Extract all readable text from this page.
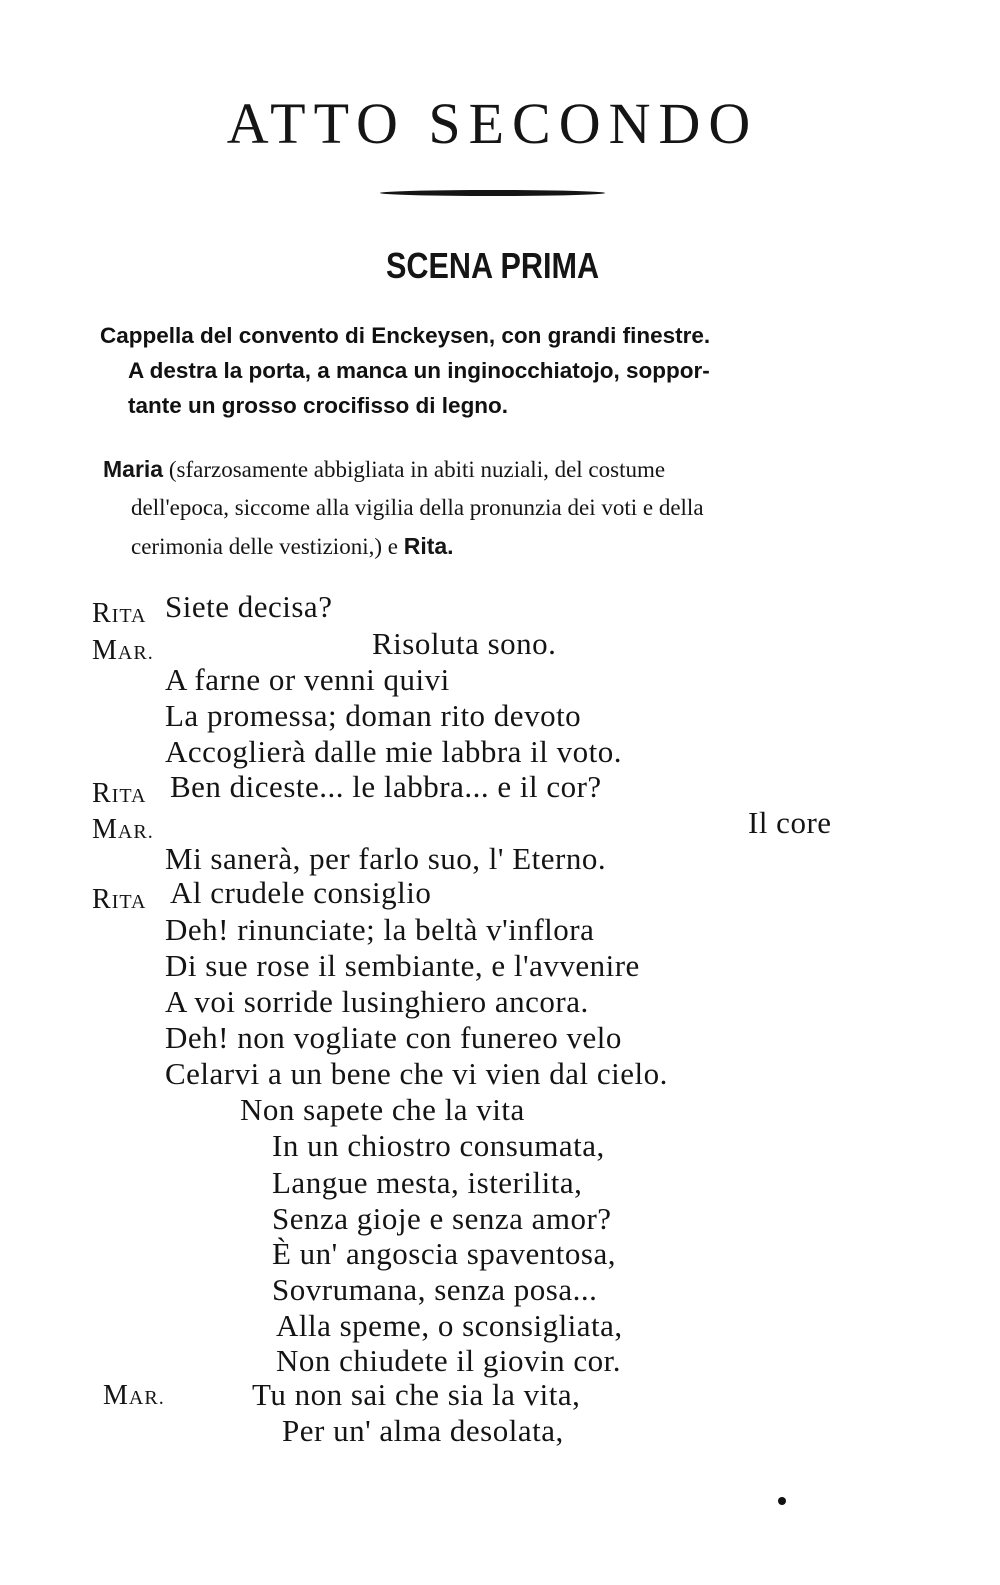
ATTO SECONDO
SCENA PRIMA
Cappella del convento di Enckeysen, con grandi finestre.
A destra la porta, a manca un inginocchiatojo, soppor-
tante un grosso crocifisso di legno.
Maria (sfarzosamente abbigliata in abiti nuziali, del costume
dell'epoca, siccome alla vigilia della pronunzia dei voti e della
cerimonia delle vestizioni,) e Rita.
RITA
MAR.
RITA
MAR.
RITA
MAR.
Siete decisa?
Risoluta sono.
A farne or venni quivi
La promessa; doman rito devoto
Accoglierà dalle mie labbra il voto.
Ben diceste... le labbra... e il cor?
Il core
Mi sanerà, per farlo suo, l' Eterno.
Al crudele consiglio
Deh! rinunciate; la beltà v'inflora
Di sue rose il sembiante, e l'avvenire
A voi sorride lusinghiero ancora.
Deh! non vogliate con funereo velo
Celarvi a un bene che vi vien dal cielo.
Non sapete che la vita
In un chiostro consumata,
Langue mesta, isterilita,
Senza gioje e senza amor?
È un' angoscia spaventosa,
Sovrumana, senza posa...
Alla speme, o sconsigliata,
Non chiudete il giovin cor.
Tu non sai che sia la vita,
Per un' alma desolata,
